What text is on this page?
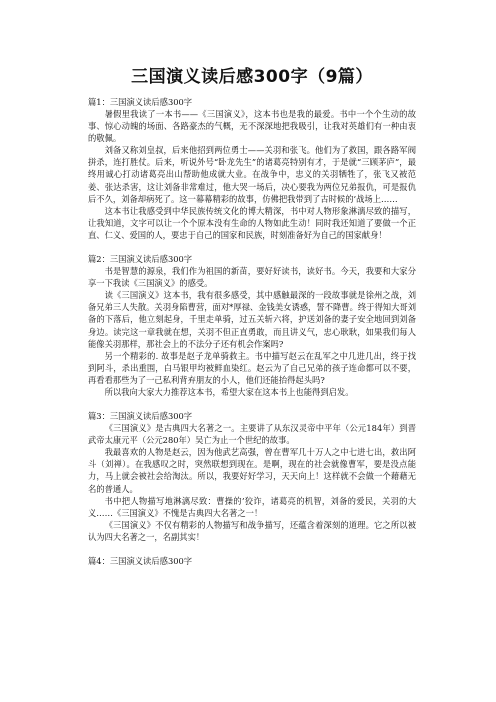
三国演义读后感300字（9篇）

篇1：三国演义读后感300字

暑假里我读了一本书——《三国演义》，这本书也是我的最爱。书中一个个生动的故事、惊心动魄的场面、各路豪杰的气概，无不深深地把我吸引，让我对英雄们有一种由衷的敬佩。

刘备又称刘皇叔，后来他招到两位勇士——关羽和张飞。他们为了救国，跟各路军阀拼杀，连打胜仗。后来，听说外号“卧龙先生”的诸葛亮特别有才，于是就“三顾茅庐”，最终用诚心打动诸葛亮出山帮助他成就大业。在战争中，忠义的关羽牺牲了，张飞又被范姜、张达杀害，这让刘备非常难过，他大哭一场后，决心要我为两位兄弟报仇，可是报仇后不久，刘备却病死了。这一幕幕精彩的故事，仿佛把我带到了古时候的’战场上……

这本书让我感受到中华民族传统文化的博大精深，书中对人物形象淋漓尽致的描写，让我知道，文字可以让一个个原本没有生命的人物如此生动！同时我还知道了要做一个正直、仁义、爱国的人，要忠于自己的国家和民族，时刻准备好为自己的国家献身！

篇2：三国演义读后感300字

书是智慧的源泉，我们作为祖国的新苗，要好好读书，读好书。今天，我要和大家分享一下我读《三国演义》的感受。

读《三国演义》这本书，我有很多感受，其中感触最深的一段故事就是徐州之战，刘备兄弟三人失散。关羽身陷曹营，面对*厚禄、金钱美女诱惑，誓不降曹。终于得知大哥刘备的下落后，他立刻起身，千里走单骑，过五关斩六将，护送刘备的妻子安全地回到刘备身边。读完这一章我就在想，关羽不但正直勇敢，而且讲义气，忠心耿耿，如果我们每人能像关羽那样，那社会上的不法分子还有机会作案吗?

另一个精彩的. 故事是赵子龙单骑救主。书中描写赵云在乱军之中几进几出，终于找到阿斗，杀出重围，白马银甲均被鲜血染红。赵云为了自己兄弟的孩子连命都可以不要，再看看那些为了一己私利背弃朋友的小人，他们还能抬得起头吗?

所以我向大家大力推荐这本书，希望大家在这本书上也能得到启发。

篇3：三国演义读后感300字

《三国演义》是古典四大名著之一。主要讲了从东汉灵帝中平年（公元184年）到晋武帝太康元平（公元280年）吴亡为止一个世纪的故事。

我最喜欢的人物是赵云，因为他武艺高强，曾在曹军几十万人之中七进七出，救出阿斗（刘禅）。在我感叹之时，突然联想到现在。是啊，现在的社会就像曹军，要是没点能力，马上就会被社会给淘汰。所以，我要好好学习，天天向上！这样就不会做一个藉藉无名的普通人。

书中把人物描写地淋漓尽致：曹操的’狡诈，诸葛亮的机智，刘备的爱民，关羽的大义……《三国演义》不愧是古典四大名著之一！

《三国演义》不仅有精彩的人物描写和战争描写，还蕴含着深刻的道理。它之所以被认为四大名著之一，名副其实！

篇4：三国演义读后感300字
